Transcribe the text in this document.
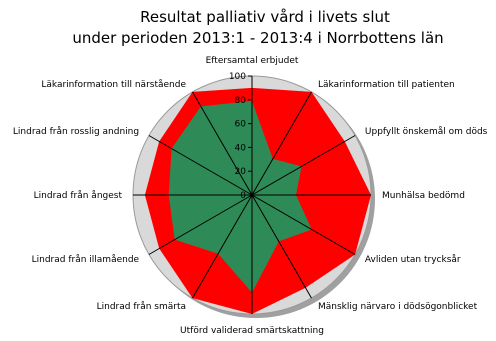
Resultat palliativ vård i livets slut
under perioden 2013:1 - 2013:4 i Norrbottens län
0
20
40
60
80
100
Eftersamtal erbjudet
Läkarinformation till patienten
Uppfyllt önskemål om döds
Munhälsa bedömd
Avliden utan trycksår
Mänsklig närvaro i dödsögonblicket
Utförd validerad smärtskattning
Lindrad från smärta
Lindrad från illamående
Lindrad från ångest
Lindrad från rosslig andning
Läkarinformation till närstående
